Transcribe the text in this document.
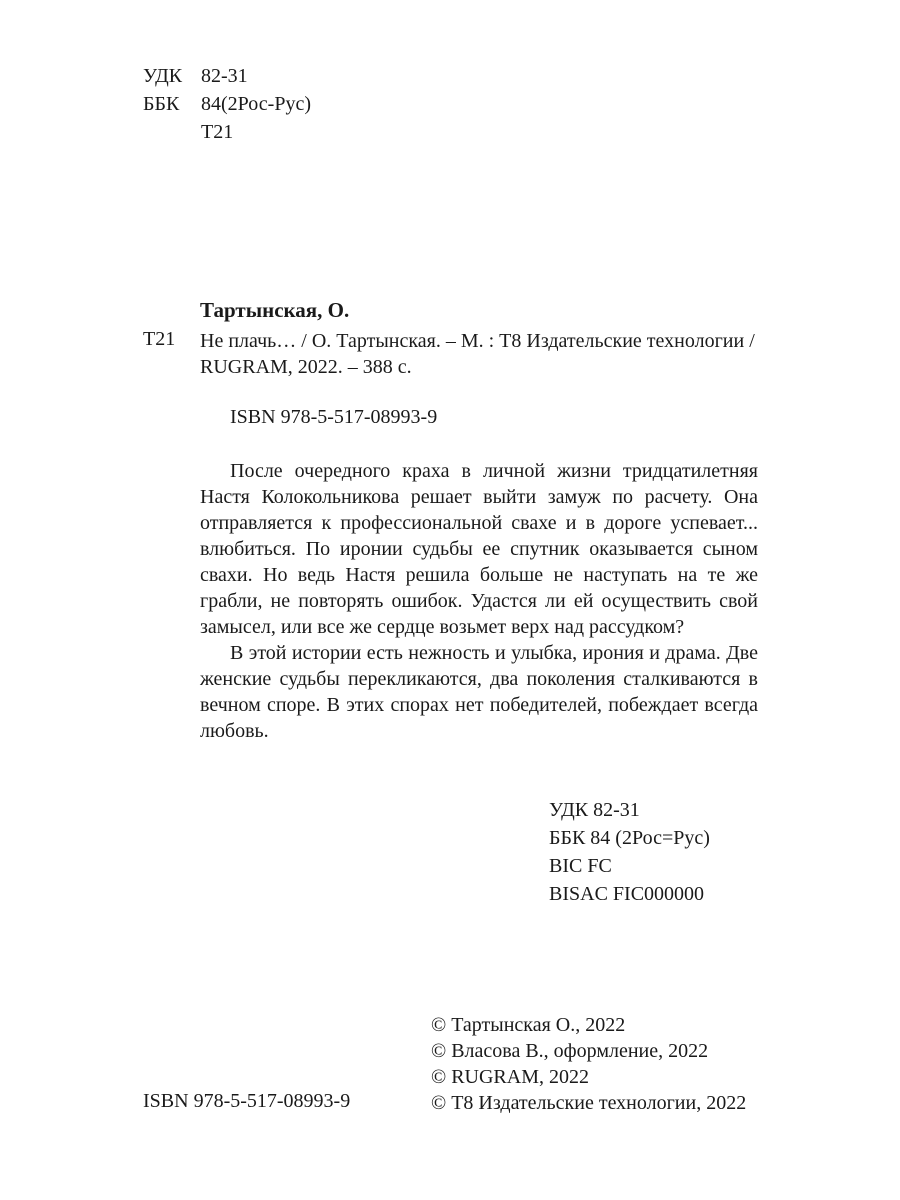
УДК 82-31
ББК	84(2Рос-Рус)
Т21
Тартынская, О.
Т21 Не плачь… / О. Тартынская. – М. : Т8 Издательские технологии / RUGRAM, 2022. – 388 с.
ISBN 978-5-517-08993-9

После очередного краха в личной жизни тридцатилетняя Настя Колокольникова решает выйти замуж по расчету. Она отправляется к профессиональной свахе и в дороге успевает... влюбиться. По иронии судьбы ее спутник оказывается сыном свахи. Но ведь Настя решила больше не наступать на те же грабли, не повторять ошибок. Удастся ли ей осуществить свой замысел, или все же сердце возьмет верх над рассудком?

В этой истории есть нежность и улыбка, ирония и драма. Две женские судьбы перекликаются, два поколения сталкиваются в вечном споре. В этих спорах нет победителей, побеждает всегда любовь.

УДК 82-31
ББК 84 (2Рос=Рус)
BIC FC
BISAC FIC000000
© Тартынская О., 2022
© Власова В., оформление, 2022
© RUGRAM, 2022
© Т8 Издательские технологии, 2022
ISBN 978-5-517-08993-9
